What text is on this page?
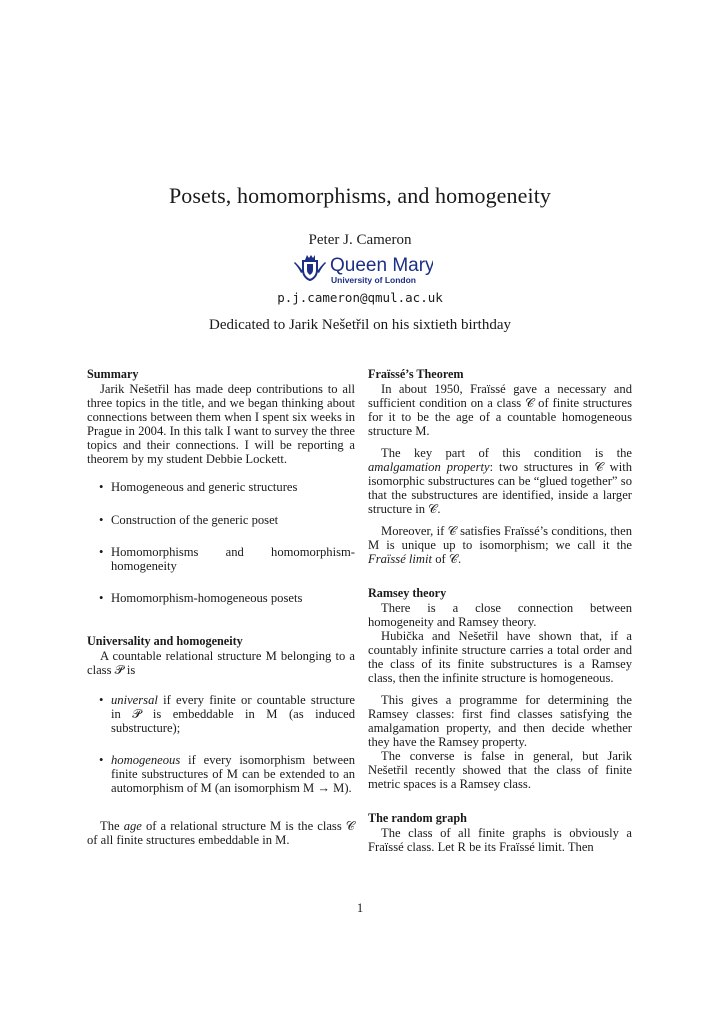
Posets, homomorphisms, and homogeneity
Peter J. Cameron
Queen Mary
University of London
p.j.cameron@qmul.ac.uk
Dedicated to Jarik Nešetřil on his sixtieth birthday
Summary

Jarik Nešetřil has made deep contributions to all three topics in the title, and we began thinking about connections between them when I spent six weeks in Prague in 2004. In this talk I want to survey the three topics and their connections. I will be reporting a theorem by my student Debbie Lockett.

• Homogeneous and generic structures
• Construction of the generic poset
• Homomorphisms and homomorphism-homogeneity
• Homomorphism-homogeneous posets
Universality and homogeneity

A countable relational structure M belonging to a class 𝒫 is

• universal if every finite or countable structure in 𝒫 is embeddable in M (as induced substructure);
• homogeneous if every isomorphism between finite substructures of M can be extended to an automorphism of M (an isomorphism M → M).

The age of a relational structure M is the class 𝒞 of all finite structures embeddable in M.

Fraïssé’s Theorem

In about 1950, Fraïssé gave a necessary and sufficient condition on a class 𝒞 of finite structures for it to be the age of a countable homogeneous structure M.

The key part of this condition is the amalgamation property: two structures in 𝒞 with isomorphic substructures can be “glued together” so that the substructures are identified, inside a larger structure in 𝒞.

Moreover, if 𝒞 satisfies Fraïssé’s conditions, then M is unique up to isomorphism; we call it the Fraïssé limit of 𝒞.

Ramsey theory

There is a close connection between homogeneity and Ramsey theory.

Hubička and Nešetřil have shown that, if a countably infinite structure carries a total order and the class of its finite substructures is a Ramsey class, then the infinite structure is homogeneous.

This gives a programme for determining the Ramsey classes: first find classes satisfying the amalgamation property, and then decide whether they have the Ramsey property.

The converse is false in general, but Jarik Nešetřil recently showed that the class of finite metric spaces is a Ramsey class.

The random graph

The class of all finite graphs is obviously a Fraïssé class. Let R be its Fraïssé limit. Then

1
